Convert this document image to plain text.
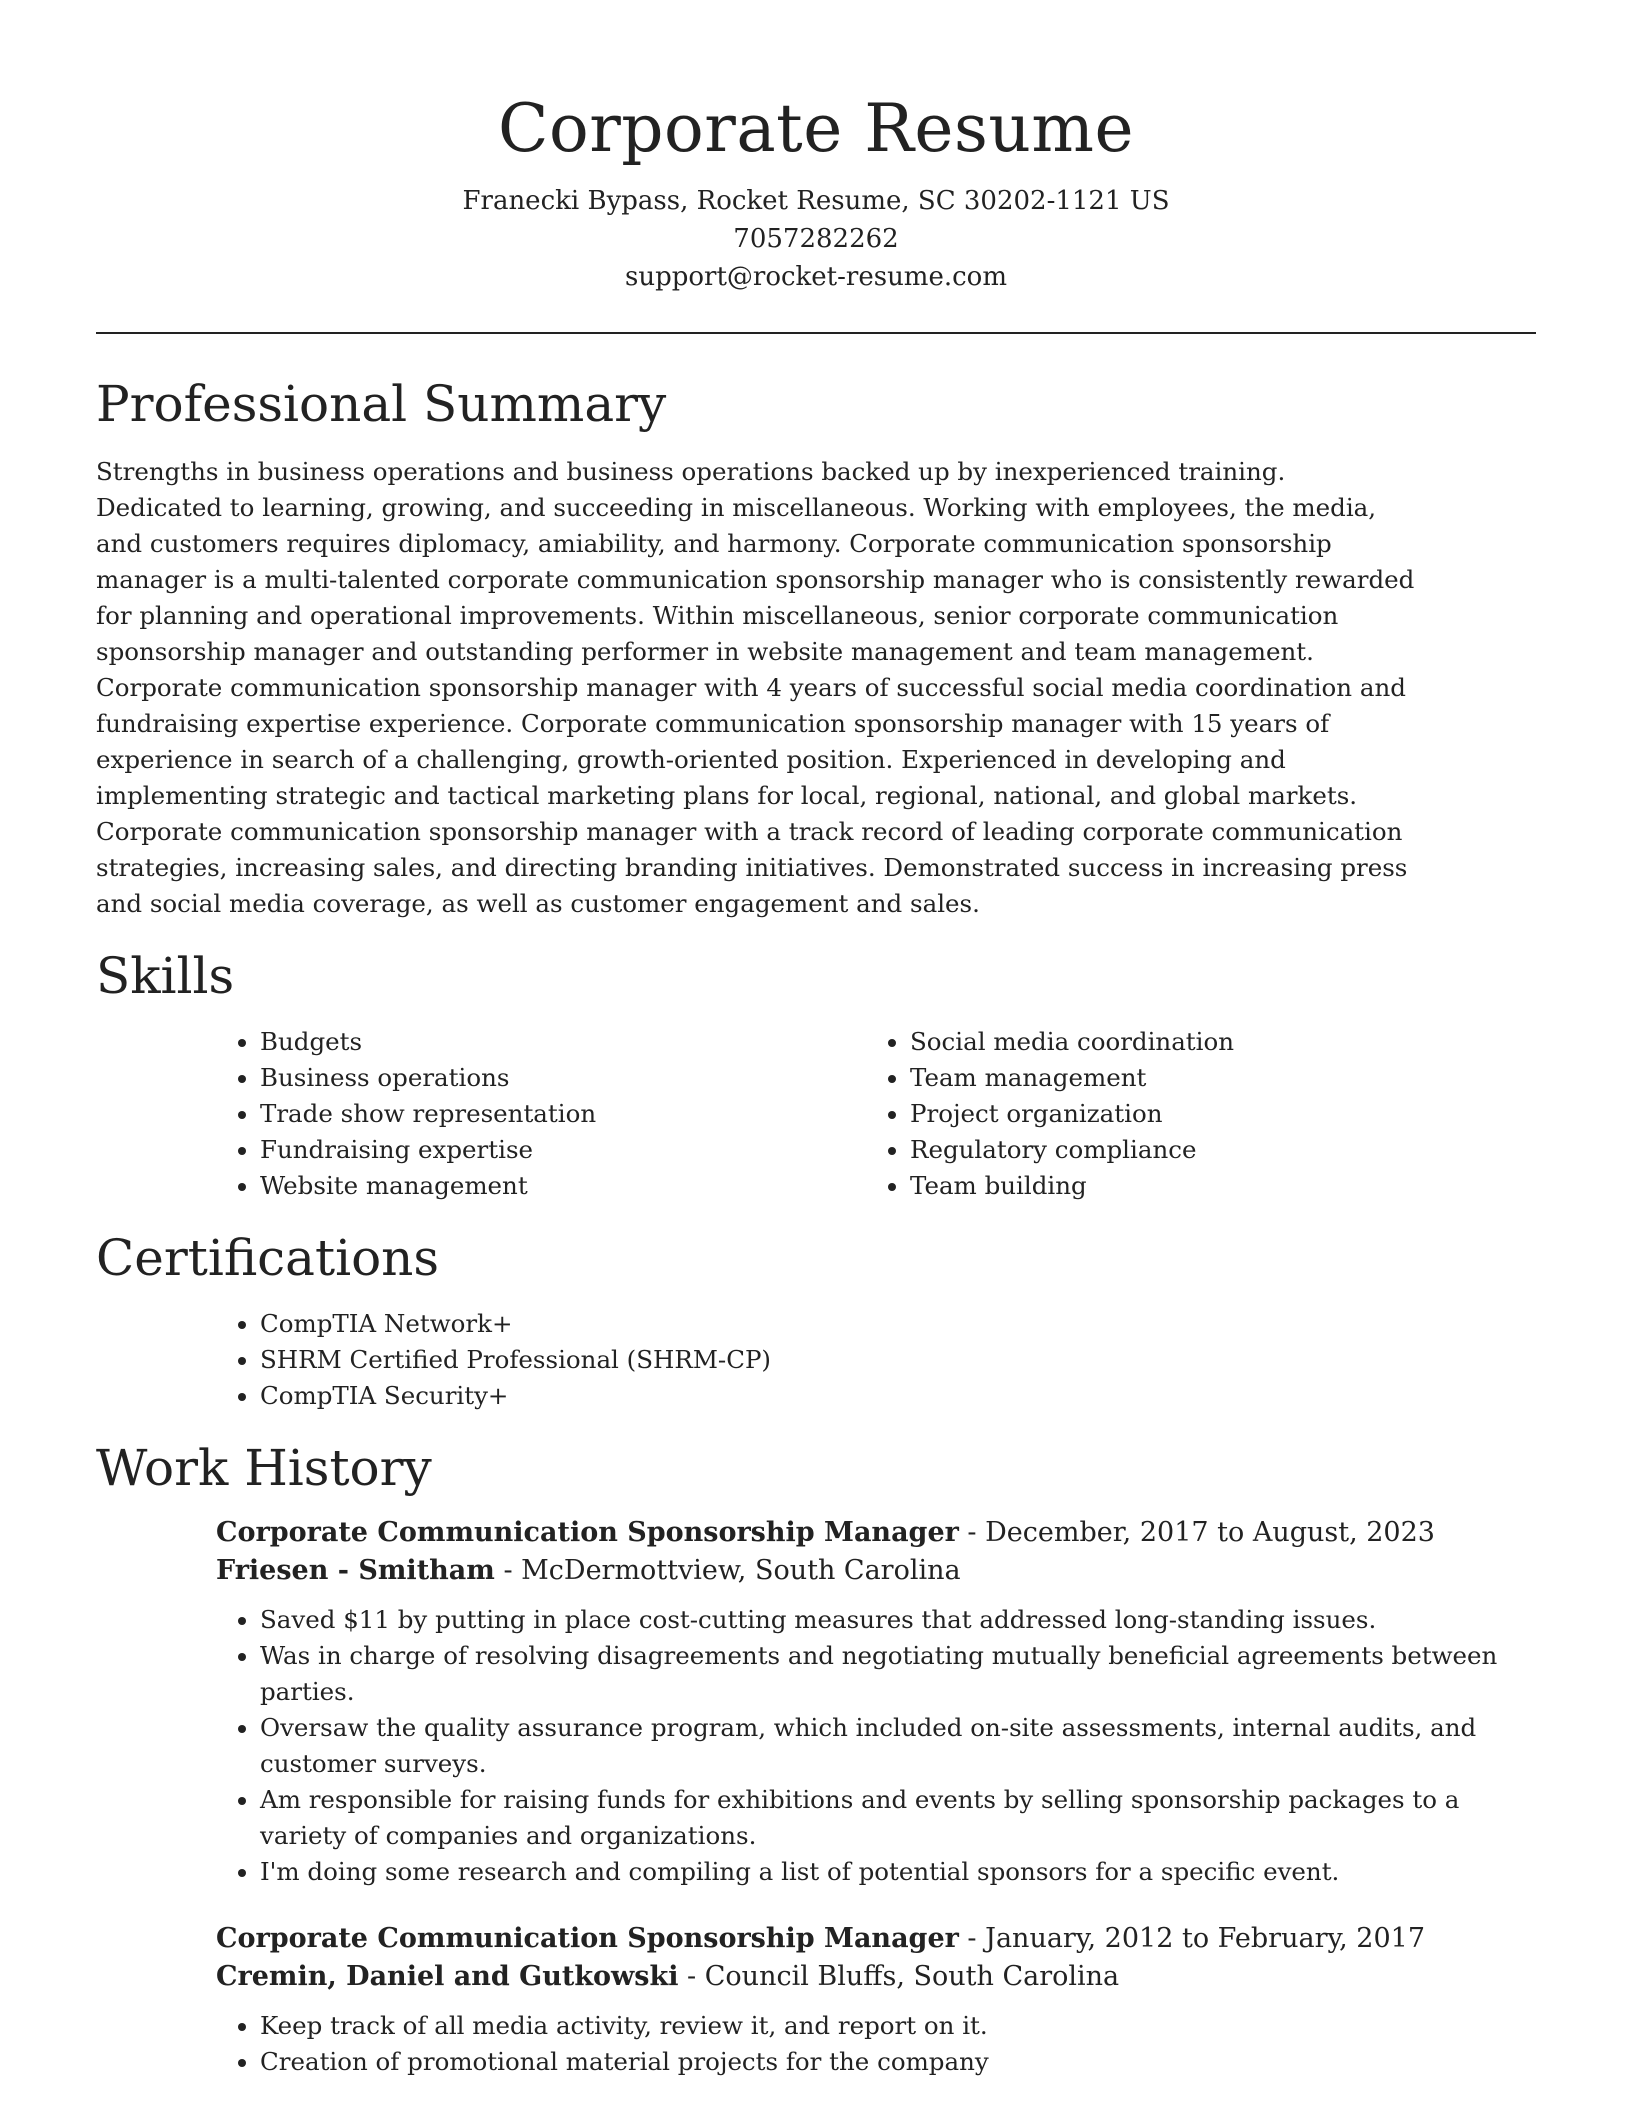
Corporate Resume
Franecki Bypass, Rocket Resume, SC 30202-1121 US
7057282262
support@rocket-resume.com
Professional Summary

Strengths in business operations and business operations backed up by inexperienced training. Dedicated to learning, growing, and succeeding in miscellaneous. Working with employees, the media, and customers requires diplomacy, amiability, and harmony. Corporate communication sponsorship manager is a multi-talented corporate communication sponsorship manager who is consistently rewarded for planning and operational improvements. Within miscellaneous, senior corporate communication sponsorship manager and outstanding performer in website management and team management. Corporate communication sponsorship manager with 4 years of successful social media coordination and fundraising expertise experience. Corporate communication sponsorship manager with 15 years of experience in search of a challenging, growth-oriented position. Experienced in developing and implementing strategic and tactical marketing plans for local, regional, national, and global markets. Corporate communication sponsorship manager with a track record of leading corporate communication strategies, increasing sales, and directing branding initiatives. Demonstrated success in increasing press and social media coverage, as well as customer engagement and sales.

Skills
• Budgets
• Business operations
• Trade show representation
• Fundraising expertise
• Website management
• Social media coordination
• Team management
• Project organization
• Regulatory compliance
• Team building
Certifications
• CompTIA Network+
• SHRM Certified Professional (SHRM-CP)
• CompTIA Security+
Work History
Corporate Communication Sponsorship Manager - December, 2017 to August, 2023
Friesen - Smitham - McDermottview, South Carolina
• Saved $11 by putting in place cost-cutting measures that addressed long-standing issues.
• Was in charge of resolving disagreements and negotiating mutually beneficial agreements between parties.
• Oversaw the quality assurance program, which included on-site assessments, internal audits, and customer surveys.
• Am responsible for raising funds for exhibitions and events by selling sponsorship packages to a variety of companies and organizations.
• I'm doing some research and compiling a list of potential sponsors for a specific event.
Corporate Communication Sponsorship Manager - January, 2012 to February, 2017
Cremin, Daniel and Gutkowski - Council Bluffs, South Carolina
• Keep track of all media activity, review it, and report on it.
• Creation of promotional material projects for the company
